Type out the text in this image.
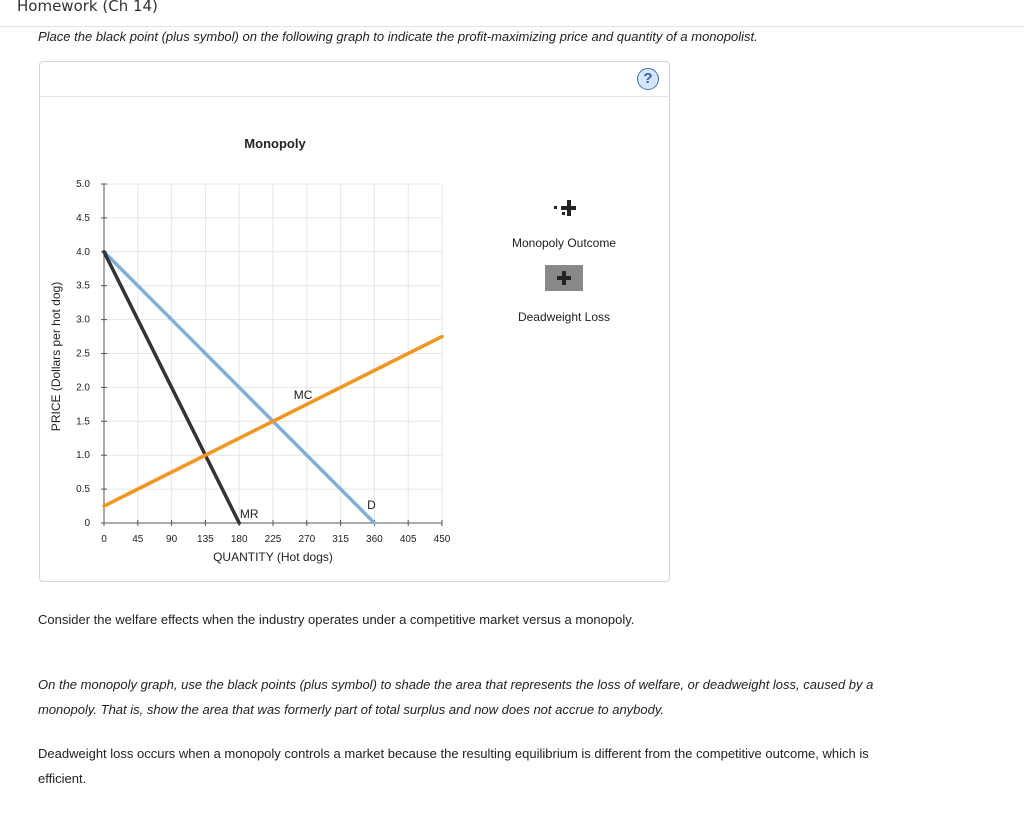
Homework (Ch 14)
Place the black point (plus symbol) on the following graph to indicate the profit-maximizing price and quantity of a monopolist.
?
0	45 90 135 180 225 270 315 360 405 450
0
0.5
1.0
1.5
2.0
2.5
3.0
3.5
4.0
4.5
5.0
Monopoly
QUANTITY (Hot dogs)
PRICE (Dollars per hot dog)
D
MR
MC
Monopoly Outcome
Deadweight Loss
Consider the welfare effects when the industry operates under a competitive market versus a monopoly.
On the monopoly graph, use the black points (plus symbol) to shade the area that represents the loss of welfare, or deadweight loss, caused by a
monopoly. That is, show the area that was formerly part of total surplus and now does not accrue to anybody.
Deadweight loss occurs when a monopoly controls a market because the resulting equilibrium is different from the competitive outcome, which is
efficient.
